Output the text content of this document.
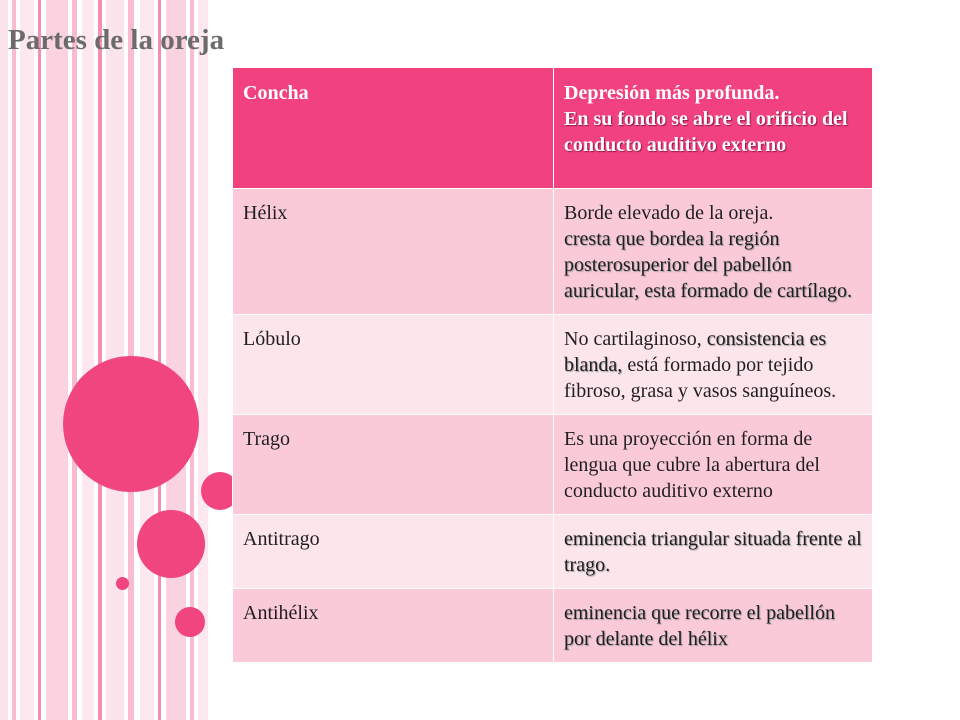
Partes de la oreja
Concha	Depresión más profunda.
En su fondo se abre el orificio del conducto auditivo externo
Hélix	Borde elevado de la oreja.
cresta que bordea la región posterosuperior del pabellón auricular, esta formado de cartílago.
Lóbulo	No cartilaginoso, consistencia es blanda, está formado por tejido fibroso, grasa y vasos sanguíneos.
Trago	Es una proyección en forma de lengua que cubre la abertura del conducto auditivo externo
Antitrago	eminencia triangular situada frente al trago.
Antihélix	eminencia que recorre el pabellón por delante del hélix
